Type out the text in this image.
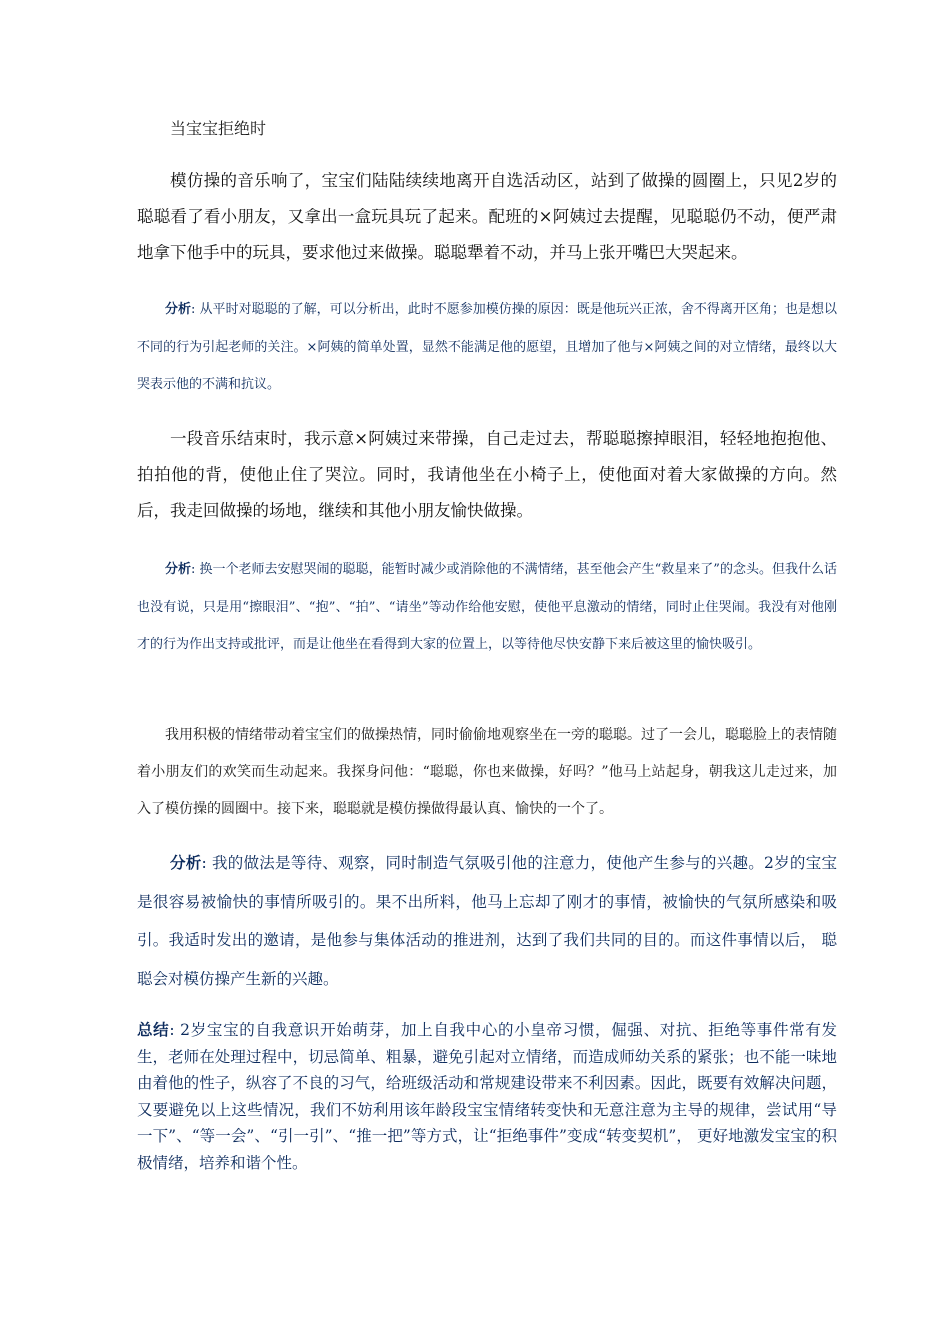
当宝宝拒绝时

模仿操的音乐响了，宝宝们陆陆续续地离开自选活动区，站到了做操的圆圈上，只见2岁的聪聪看了看小朋友，又拿出一盒玩具玩了起来。配班的×阿姨过去提醒，见聪聪仍不动，便严肃地拿下他手中的玩具，要求他过来做操。聪聪犟着不动，并马上张开嘴巴大哭起来。

分析: 从平时对聪聪的了解，可以分析出，此时不愿参加模仿操的原因：既是他玩兴正浓，舍不得离开区角；也是想以不同的行为引起老师的关注。×阿姨的简单处置，显然不能满足他的愿望，且增加了他与×阿姨之间的对立情绪，最终以大哭表示他的不满和抗议。

一段音乐结束时，我示意×阿姨过来带操，自己走过去，帮聪聪擦掉眼泪，轻轻地抱抱他、拍拍他的背，使他止住了哭泣。同时，我请他坐在小椅子上，使他面对着大家做操的方向。然后，我走回做操的场地，继续和其他小朋友愉快做操。

分析: 换一个老师去安慰哭闹的聪聪，能暂时减少或消除他的不满情绪，甚至他会产生“救星来了”的念头。但我什么话也没有说，只是用“擦眼泪”、“抱”、“拍”、“请坐”等动作给他安慰，使他平息激动的情绪，同时止住哭闹。我没有对他刚才的行为作出支持或批评，而是让他坐在看得到大家的位置上，以等待他尽快安静下来后被这里的愉快吸引。

我用积极的情绪带动着宝宝们的做操热情，同时偷偷地观察坐在一旁的聪聪。过了一会儿，聪聪脸上的表情随着小朋友们的欢笑而生动起来。我探身问他：“聪聪，你也来做操，好吗？”他马上站起身，朝我这儿走过来，加入了模仿操的圆圈中。接下来，聪聪就是模仿操做得最认真、愉快的一个了。

分析: 我的做法是等待、观察，同时制造气氛吸引他的注意力，使他产生参与的兴趣。2岁的宝宝是很容易被愉快的事情所吸引的。果不出所料，他马上忘却了刚才的事情，被愉快的气氛所感染和吸引。我适时发出的邀请，是他参与集体活动的推进剂，达到了我们共同的目的。而这件事情以后， 聪聪会对模仿操产生新的兴趣。

总结: 2岁宝宝的自我意识开始萌芽，加上自我中心的小皇帝习惯，倔强、对抗、拒绝等事件常有发生，老师在处理过程中，切忌简单、粗暴，避免引起对立情绪，而造成师幼关系的紧张；也不能一味地由着他的性子，纵容了不良的习气，给班级活动和常规建设带来不利因素。因此，既要有效解决问题，又要避免以上这些情况，我们不妨利用该年龄段宝宝情绪转变快和无意注意为主导的规律，尝试用“导一下”、“等一会”、“引一引”、“推一把”等方式，让“拒绝事件”变成“转变契机”， 更好地激发宝宝的积极情绪，培养和谐个性。
